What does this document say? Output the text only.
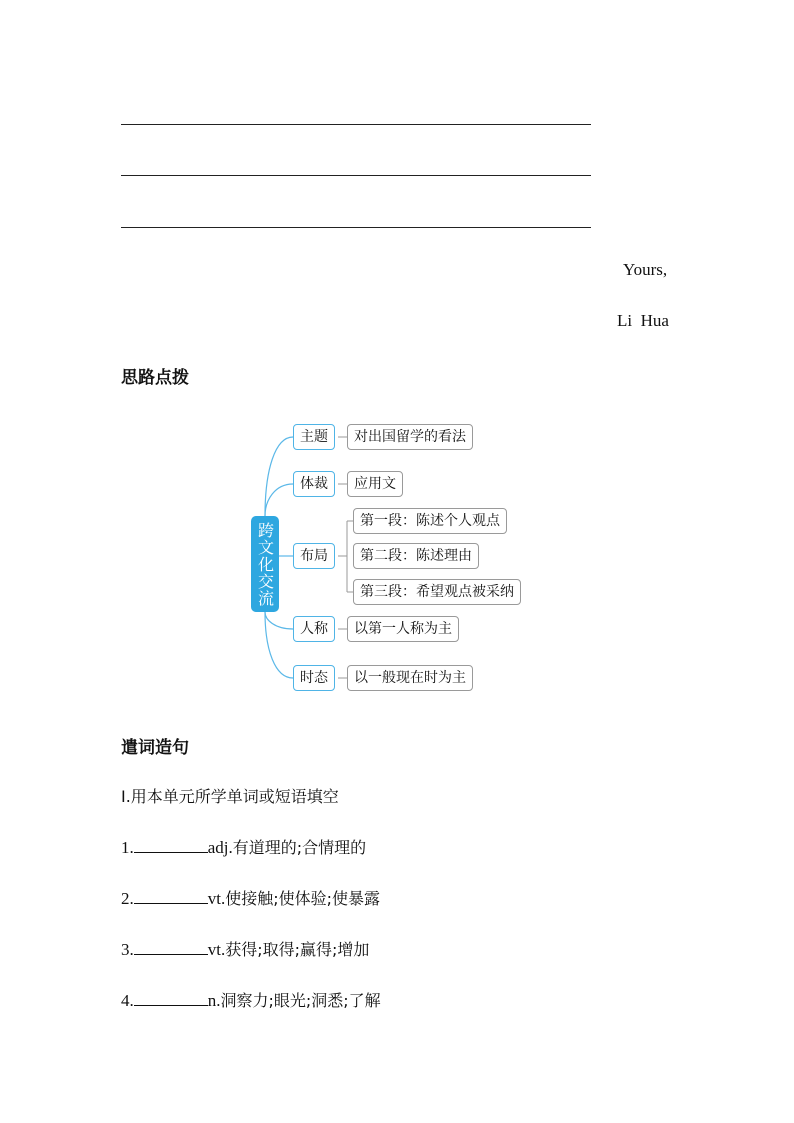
Yours,
Li  Hua
思路点拨
跨文化交流
主题	对出国留学的看法
体裁	应用文
布局
第一段：陈述个人观点
第二段：陈述理由
第三段：希望观点被采纳
人称	以第一人称为主
时态	以一般现在时为主
遣词造句
Ⅰ.用本单元所学单词或短语填空
1.	adj.有道理的;合情理的
2.	vt.使接触;使体验;使暴露
3.	vt.获得;取得;赢得;增加
4.	n.洞察力;眼光;洞悉;了解
